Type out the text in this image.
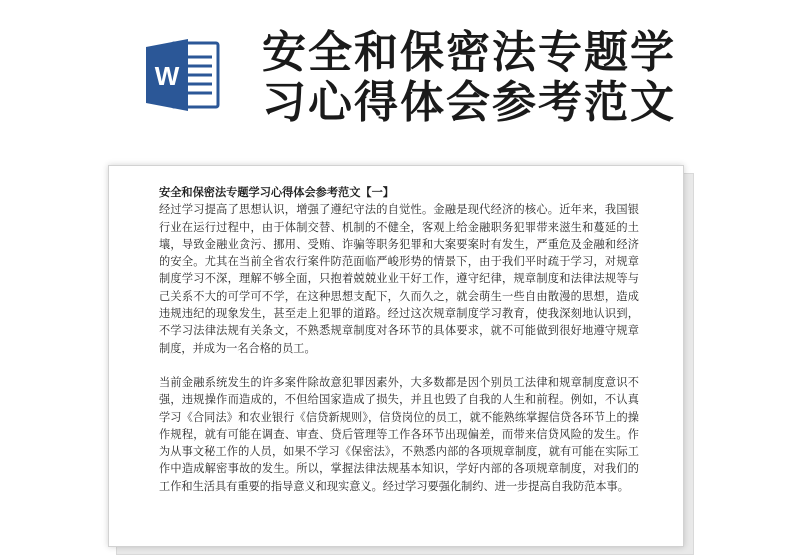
W 安全和保密法专题学
习心得体会参考范文

安全和保密法专题学习心得体会参考范文【一】

经过学习提高了思想认识，增强了遵纪守法的自觉性。金融是现代经济的核心。近年来，我国银行业在运行过程中，由于体制交替、机制的不健全，客观上给金融职务犯罪带来滋生和蔓延的土壤，导致金融业贪污、挪用、受贿、诈骗等职务犯罪和大案要案时有发生，严重危及金融和经济的安全。尤其在当前全省农行案件防范面临严峻形势的情景下，由于我们平时疏于学习，对规章制度学习不深，理解不够全面，只抱着兢兢业业干好工作，遵守纪律，规章制度和法律法规等与己关系不大的可学可不学，在这种思想支配下，久而久之，就会萌生一些自由散漫的思想，造成违规违纪的现象发生，甚至走上犯罪的道路。经过这次规章制度学习教育，使我深刻地认识到，不学习法律法规有关条文，不熟悉规章制度对各环节的具体要求，就不可能做到很好地遵守规章制度，并成为一名合格的员工。

当前金融系统发生的许多案件除故意犯罪因素外，大多数都是因个别员工法律和规章制度意识不强，违规操作而造成的，不但给国家造成了损失，并且也毁了自我的人生和前程。例如，不认真学习《合同法》和农业银行《信贷新规则》，信贷岗位的员工，就不能熟练掌握信贷各环节上的操作规程，就有可能在调查、审查、贷后管理等工作各环节出现偏差，而带来信贷风险的发生。作为从事文秘工作的人员，如果不学习《保密法》，不熟悉内部的各项规章制度，就有可能在实际工作中造成解密事故的发生。所以，掌握法律法规基本知识，学好内部的各项规章制度，对我们的工作和生活具有重要的指导意义和现实意义。经过学习要强化制约、进一步提高自我防范本事。
